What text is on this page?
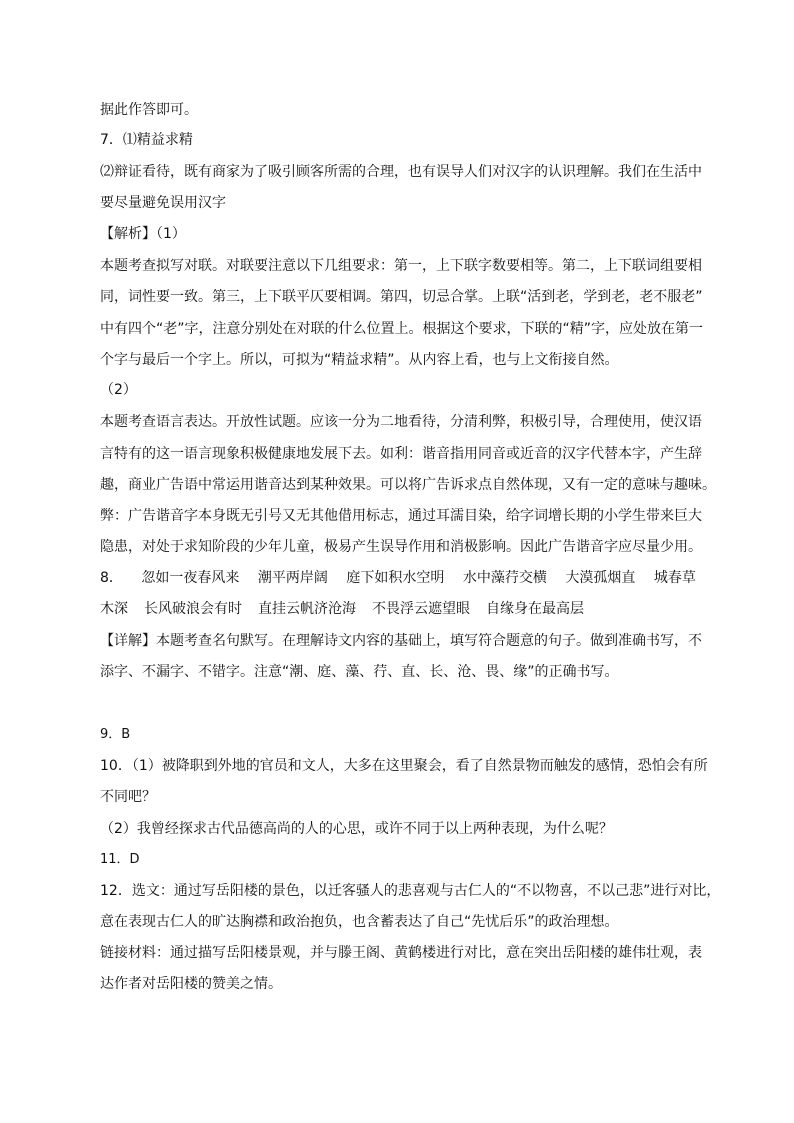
据此作答即可。
7．⑴精益求精
⑵辩证看待，既有商家为了吸引顾客所需的合理，也有误导人们对汉字的认识理解。我们在生活中
要尽量避免误用汉字
【解析】（1）
本题考查拟写对联。对联要注意以下几组要求：第一，上下联字数要相等。第二，上下联词组要相
同，词性要一致。第三，上下联平仄要相调。第四，切忌合掌。上联“活到老，学到老，老不服老”
中有四个“老”字，注意分别处在对联的什么位置上。根据这个要求，下联的“精”字，应处放在第一
个字与最后一个字上。所以，可拟为“精益求精”。从内容上看，也与上文衔接自然。
（2）
本题考查语言表达。开放性试题。应该一分为二地看待，分清利弊，积极引导，合理使用，使汉语
言特有的这一语言现象积极健康地发展下去。如利：谐音指用同音或近音的汉字代替本字，产生辞
趣，商业广告语中常运用谐音达到某种效果。可以将广告诉求点自然体现，又有一定的意味与趣味。
弊：广告谐音字本身既无引号又无其他借用标志，通过耳濡目染，给字词增长期的小学生带来巨大
隐患，对处于求知阶段的少年儿童，极易产生误导作用和消极影响。因此广告谐音字应尽量少用。
8． 忽如一夜春风来 潮平两岸阔 庭下如积水空明 水中藻荇交横 大漠孤烟直 城春草
木深 长风破浪会有时 直挂云帆济沧海 不畏浮云遮望眼 自缘身在最高层
【详解】本题考查名句默写。在理解诗文内容的基础上，填写符合题意的句子。做到准确书写，不
添字、不漏字、不错字。注意“潮、庭、藻、荇、直、长、沧、畏、缘”的正确书写。
9．B
10．（1）被降职到外地的官员和文人，大多在这里聚会，看了自然景物而触发的感情，恐怕会有所
不同吧？
（2）我曾经探求古代品德高尚的人的心思，或许不同于以上两种表现，为什么呢？
11．D
12．选文：通过写岳阳楼的景色，以迁客骚人的悲喜观与古仁人的“不以物喜，不以己悲”进行对比，
意在表现古仁人的旷达胸襟和政治抱负，也含蓄表达了自己“先忧后乐”的政治理想。
链接材料：通过描写岳阳楼景观，并与滕王阁、黄鹤楼进行对比，意在突出岳阳楼的雄伟壮观，表
达作者对岳阳楼的赞美之情。
